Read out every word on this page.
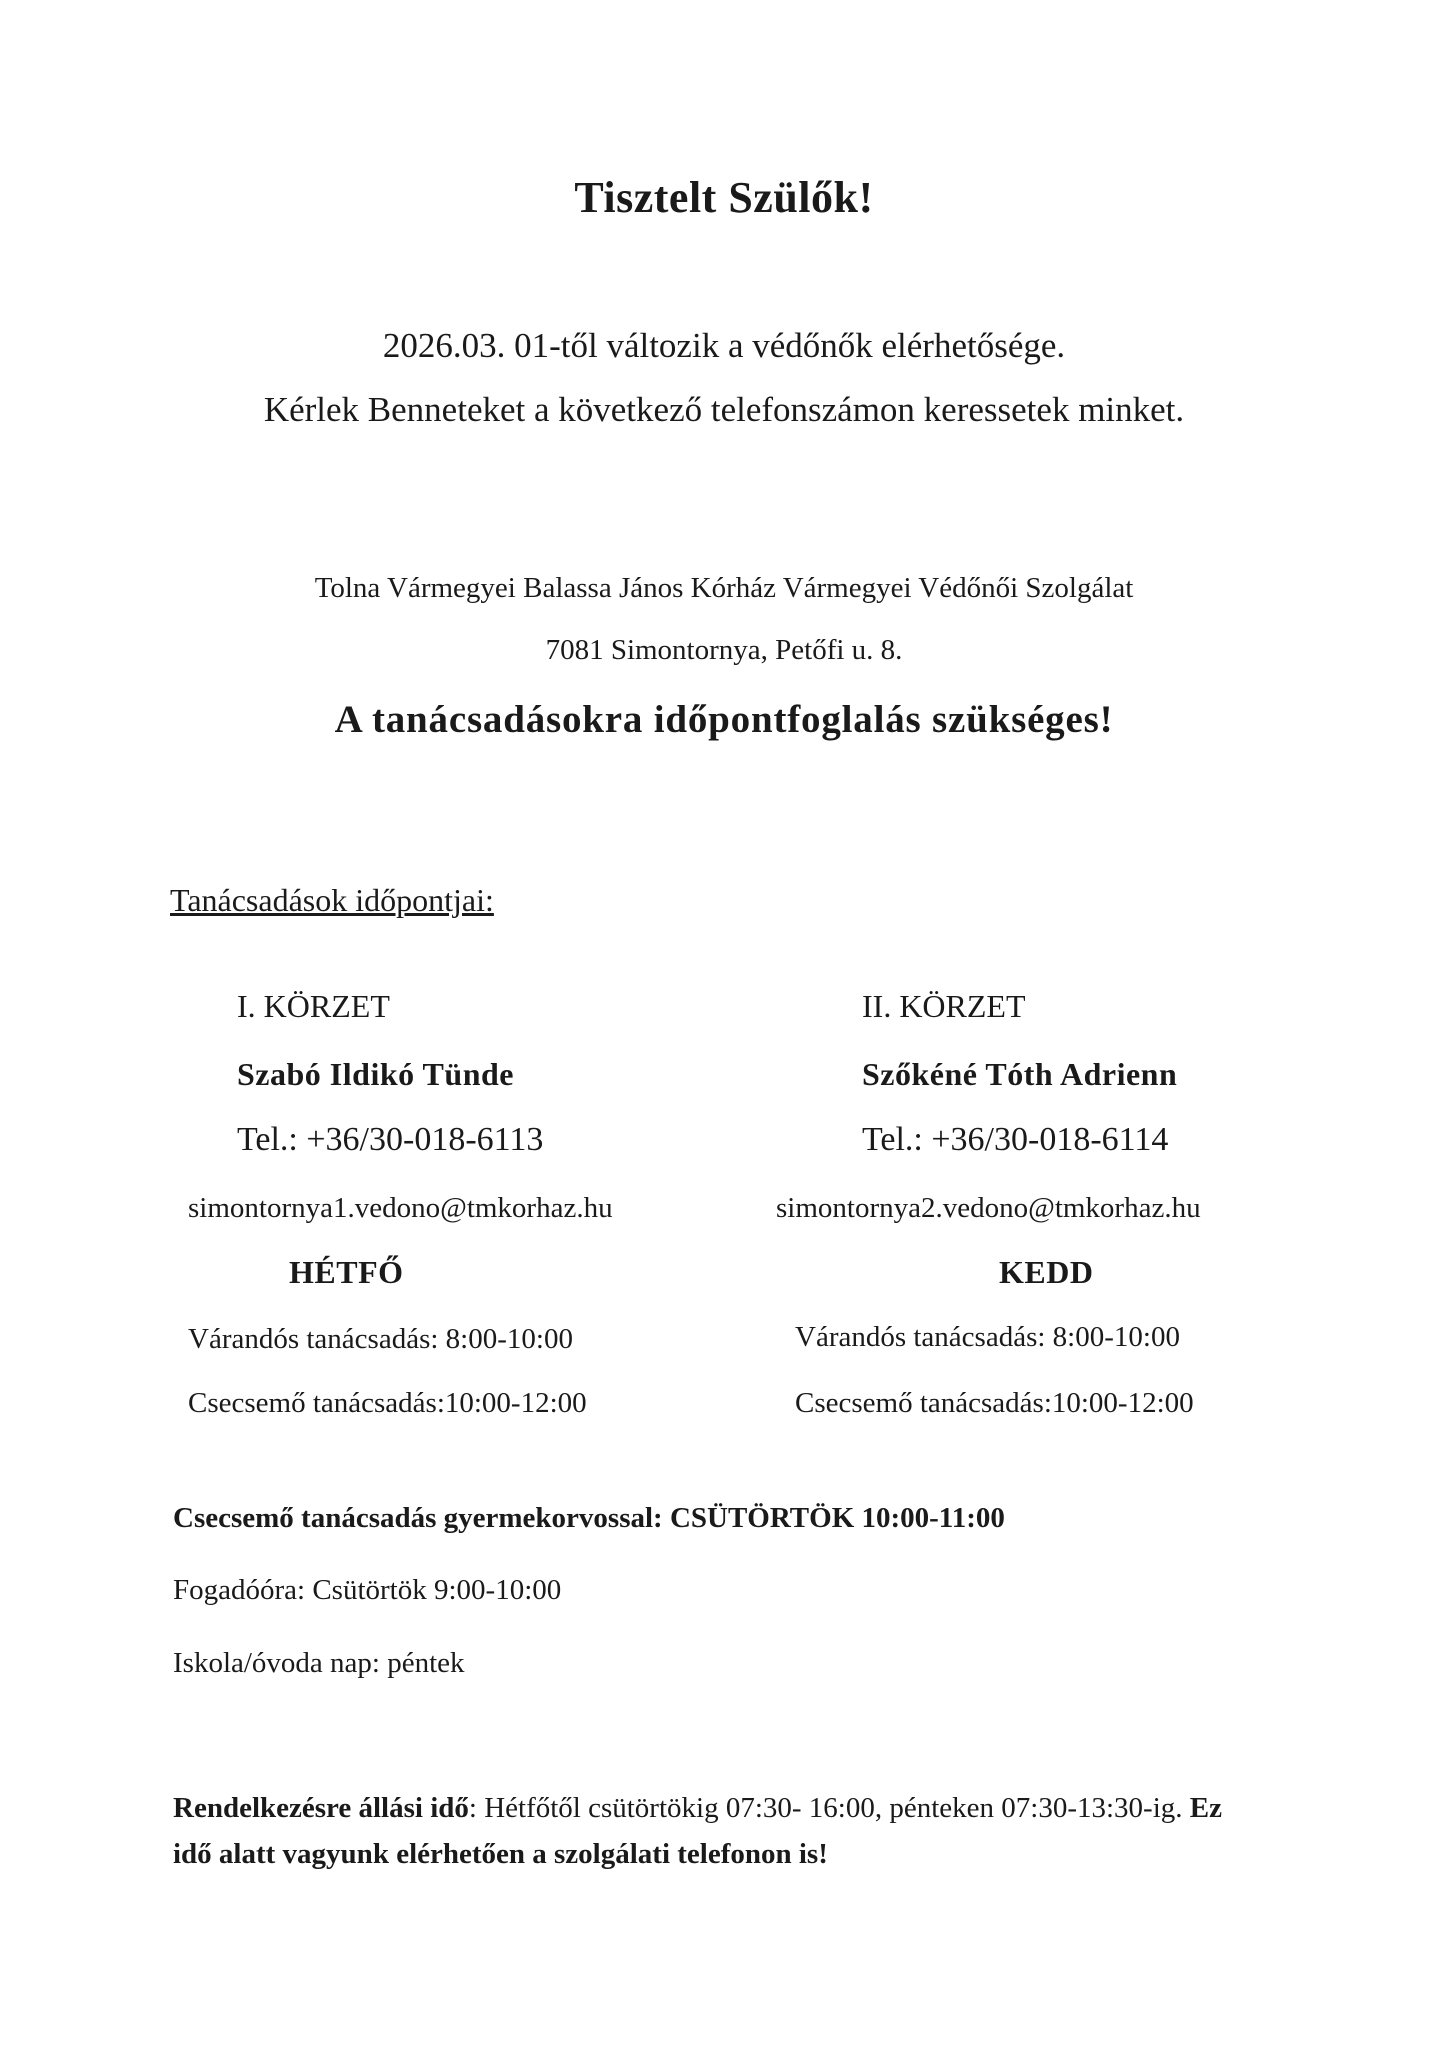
Tisztelt Szülők!
2026.03. 01-től változik a védőnők elérhetősége.
Kérlek Benneteket a következő telefonszámon keressetek minket.
Tolna Vármegyei Balassa János Kórház Vármegyei Védőnői Szolgálat
7081 Simontornya, Petőfi u. 8.
A tanácsadásokra időpontfoglalás szükséges!
Tanácsadások időpontjai:
I. KÖRZET
Szabó Ildikó Tünde
Tel.: +36/30-018-6113
simontornya1.vedono@tmkorhaz.hu
HÉTFŐ
Várandós tanácsadás: 8:00-10:00
Csecsemő tanácsadás:10:00-12:00
II. KÖRZET
Szőkéné Tóth Adrienn
Tel.: +36/30-018-6114
simontornya2.vedono@tmkorhaz.hu
KEDD
Várandós tanácsadás: 8:00-10:00
Csecsemő tanácsadás:10:00-12:00
Csecsemő tanácsadás gyermekorvossal: CSÜTÖRTÖK 10:00-11:00
Fogadóóra: Csütörtök 9:00-10:00
Iskola/óvoda nap: péntek
Rendelkezésre állási idő: Hétfőtől csütörtökig 07:30- 16:00, pénteken 07:30-13:30-ig. Ez idő alatt vagyunk elérhetően a szolgálati telefonon is!
